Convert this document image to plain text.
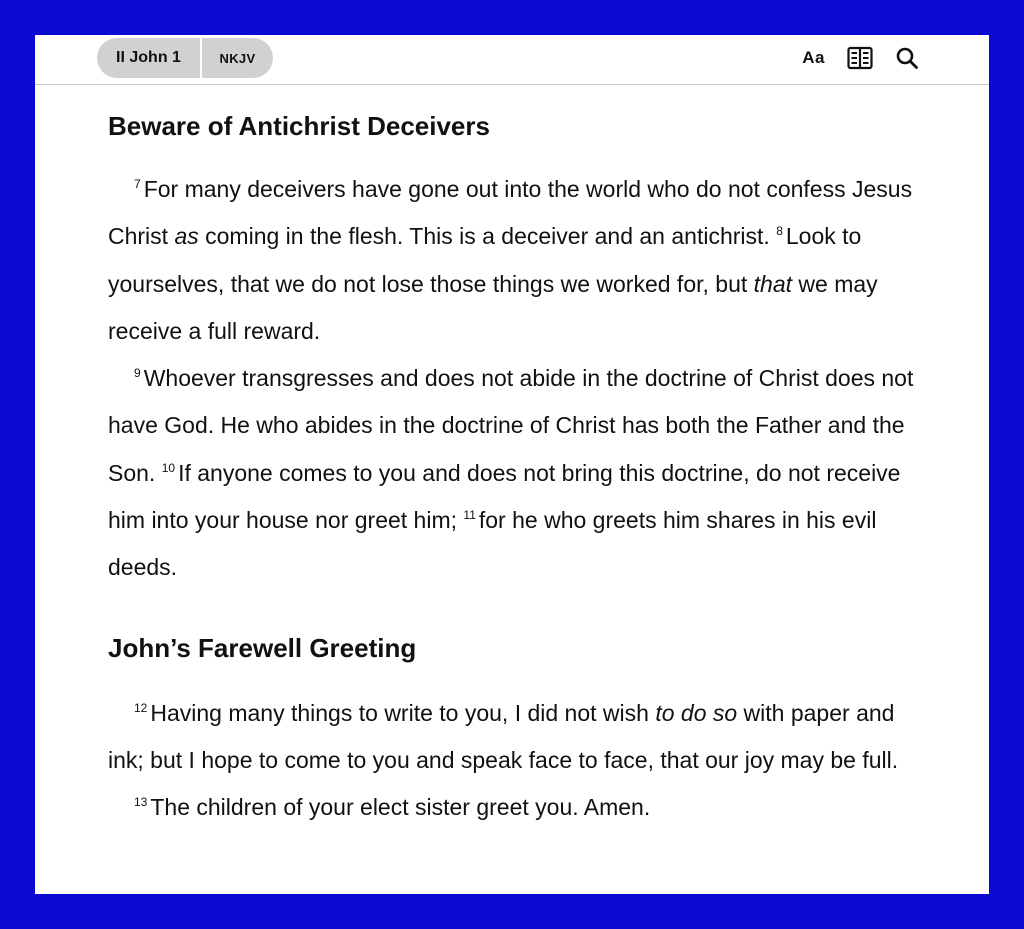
II John 1	NKJV	Aa
Beware of Antichrist Deceivers

$^7$ For many deceivers have gone out into the world who do not confess Jesus Christ as coming in the flesh. This is a deceiver and an antichrist. $^8$ Look to yourselves, that we do not lose those things we worked for, but that we may receive a full reward.

$^9$ Whoever transgresses and does not abide in the doctrine of Christ does not have God. He who abides in the doctrine of Christ has both the Father and the Son. $^{10}$ If anyone comes to you and does not bring this doctrine, do not receive him into your house nor greet him; $^{11}$ for he who greets him shares in his evil deeds.

John’s Farewell Greeting

$^{12}$ Having many things to write to you, I did not wish to do so with paper and ink; but I hope to come to you and speak face to face, that our joy may be full.

$^{13}$ The children of your elect sister greet you. Amen.
